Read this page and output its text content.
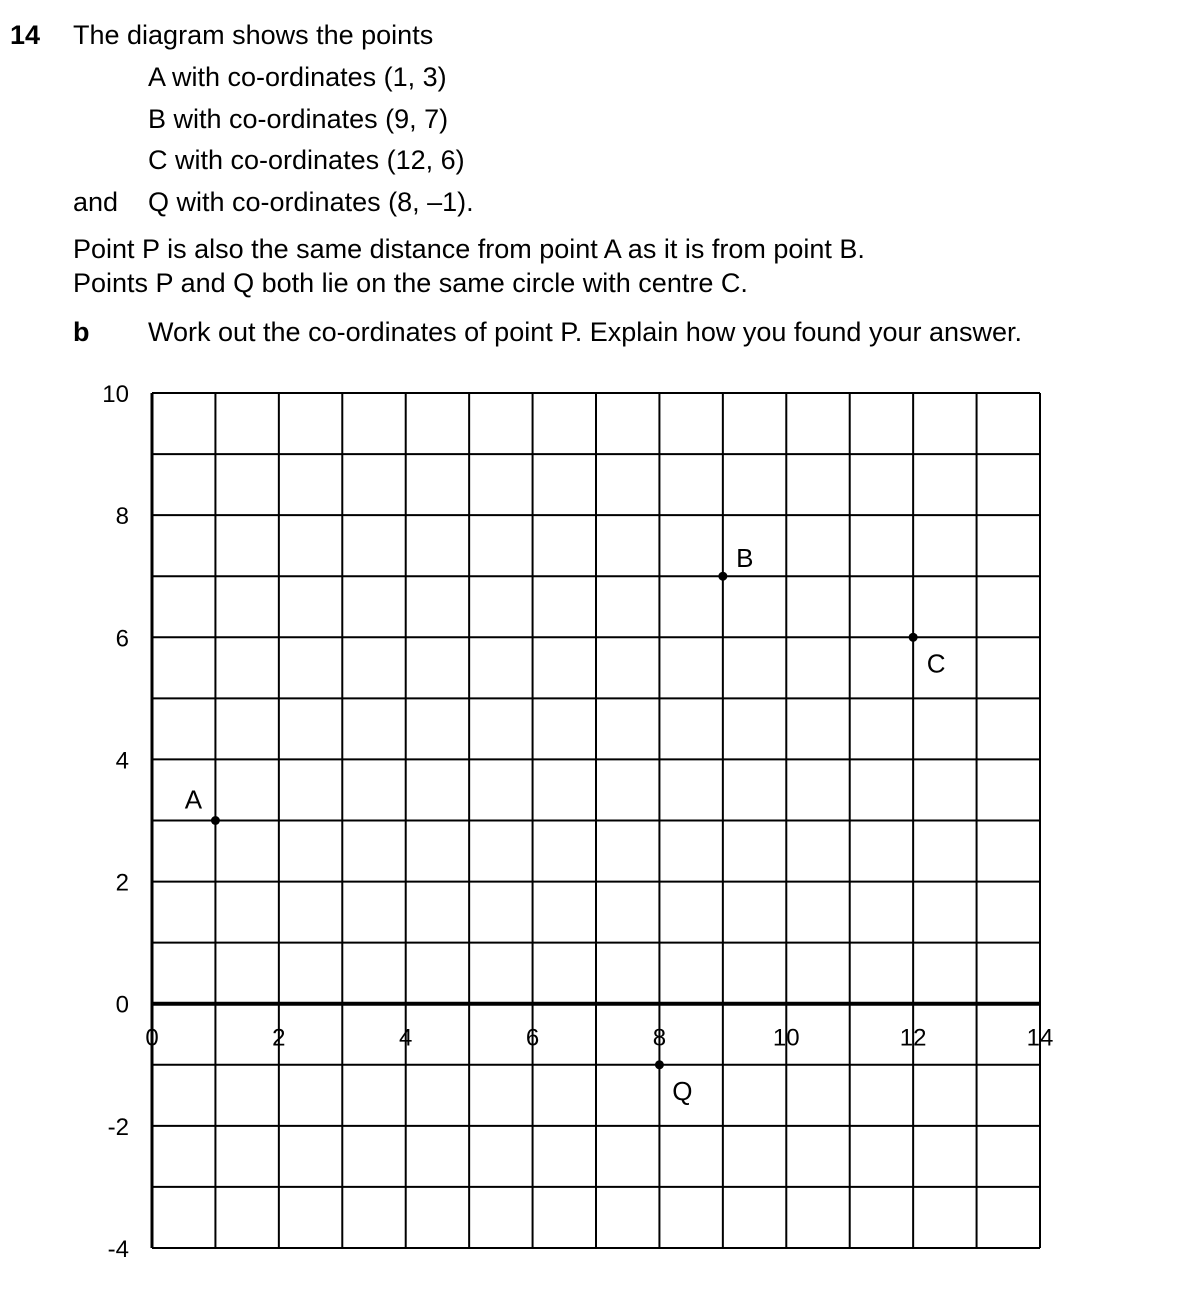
14 The diagram shows the points
A with co-ordinates (1, 3)
B with co-ordinates (9, 7)
C with co-ordinates (12, 6)
and Q with co-ordinates (8, –1).
Point P is also the same distance from point A as it is from point B.
Points P and Q both lie on the same circle with centre C.
b Work out the co-ordinates of point P. Explain how you found your answer.
0	2	4	6	8	10	12	14
10
8
6
4
2
0
-2
-4
A
B
C
Q
